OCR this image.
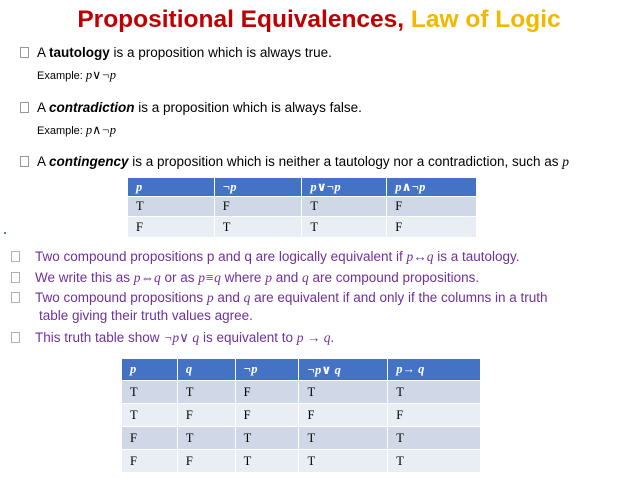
Propositional Equivalences, Law of Logic
A tautology is a proposition which is always true.
Example: p∨¬p
A contradiction is a proposition which is always false.
Example: p∧¬p
A contingency is a proposition which is neither a tautology nor a contradiction, such as p
p	¬p	p∨¬p	p∧¬p
T	F	T	F
F	T	T	F
Two compound propositions p and q are logically equivalent if p↔q is a tautology.
We write this as p⇔q or as p≡q where p and q are compound propositions.
Two compound propositions p and q are equivalent if and only if the columns in a truth
table giving their truth values agree.
This truth table show ¬p∨ q is equivalent to p → q.
p	q	¬p	¬p∨ q	p→ q
T	T	F	T	T
T	F	F	F	F
F	T	T	T	T
F	F	T	T	T
